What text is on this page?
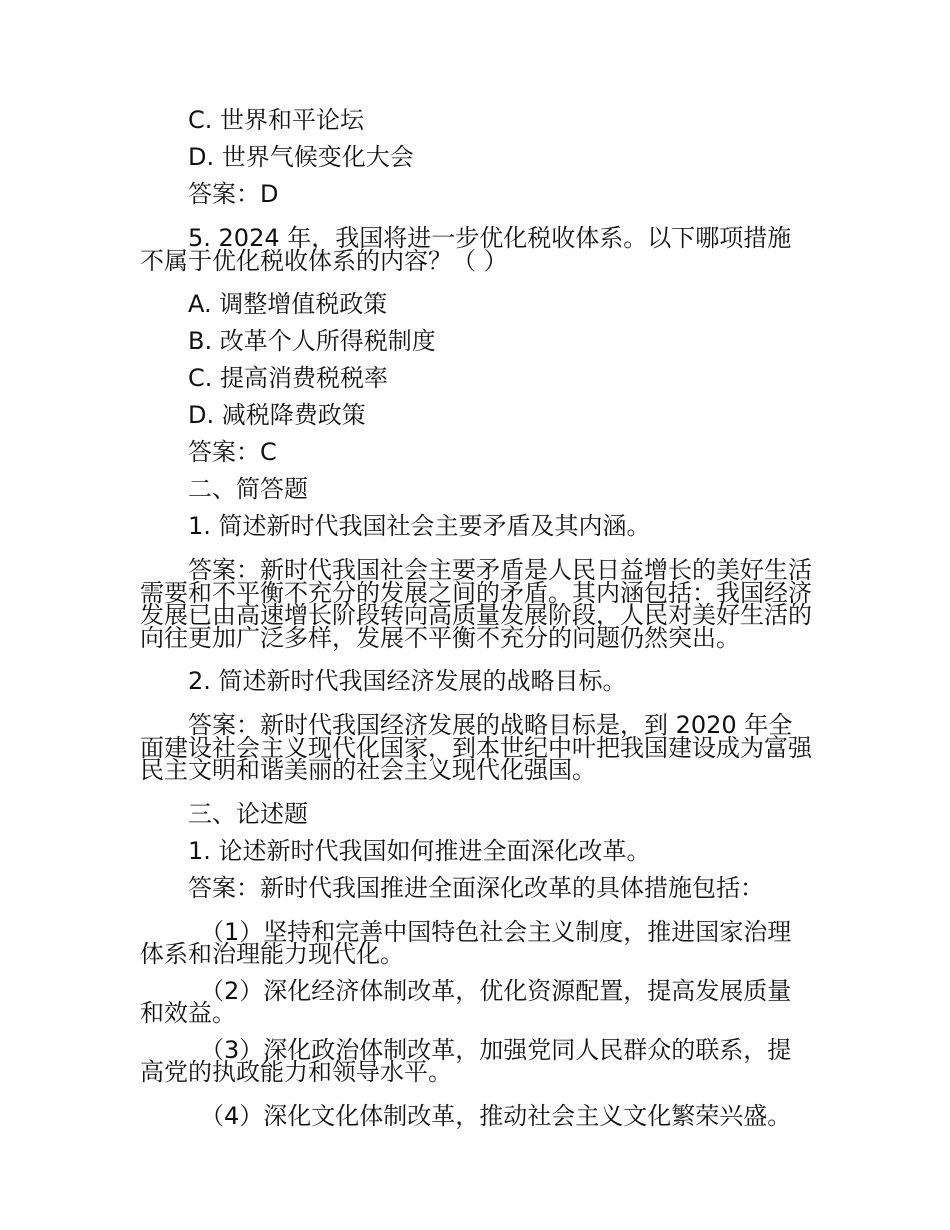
C. 世界和平论坛

D. 世界气候变化大会

答案：D

5. 2024 年，我国将进一步优化税收体系。以下哪项措施不属于优化税收体系的内容？（ ）

A. 调整增值税政策

B. 改革个人所得税制度

C. 提高消费税税率

D. 减税降费政策

答案：C

二、简答题

1. 简述新时代我国社会主要矛盾及其内涵。

答案：新时代我国社会主要矛盾是人民日益增长的美好生活需要和不平衡不充分的发展之间的矛盾。其内涵包括：我国经济发展已由高速增长阶段转向高质量发展阶段，人民对美好生活的向往更加广泛多样，发展不平衡不充分的问题仍然突出。

2. 简述新时代我国经济发展的战略目标。

答案：新时代我国经济发展的战略目标是，到 2020 年全面建设社会主义现代化国家，到本世纪中叶把我国建设成为富强民主文明和谐美丽的社会主义现代化强国。

三、论述题

1. 论述新时代我国如何推进全面深化改革。

答案：新时代我国推进全面深化改革的具体措施包括：

（1）坚持和完善中国特色社会主义制度，推进国家治理体系和治理能力现代化。

（2）深化经济体制改革，优化资源配置，提高发展质量和效益。

（3）深化政治体制改革，加强党同人民群众的联系，提高党的执政能力和领导水平。

（4）深化文化体制改革，推动社会主义文化繁荣兴盛。
